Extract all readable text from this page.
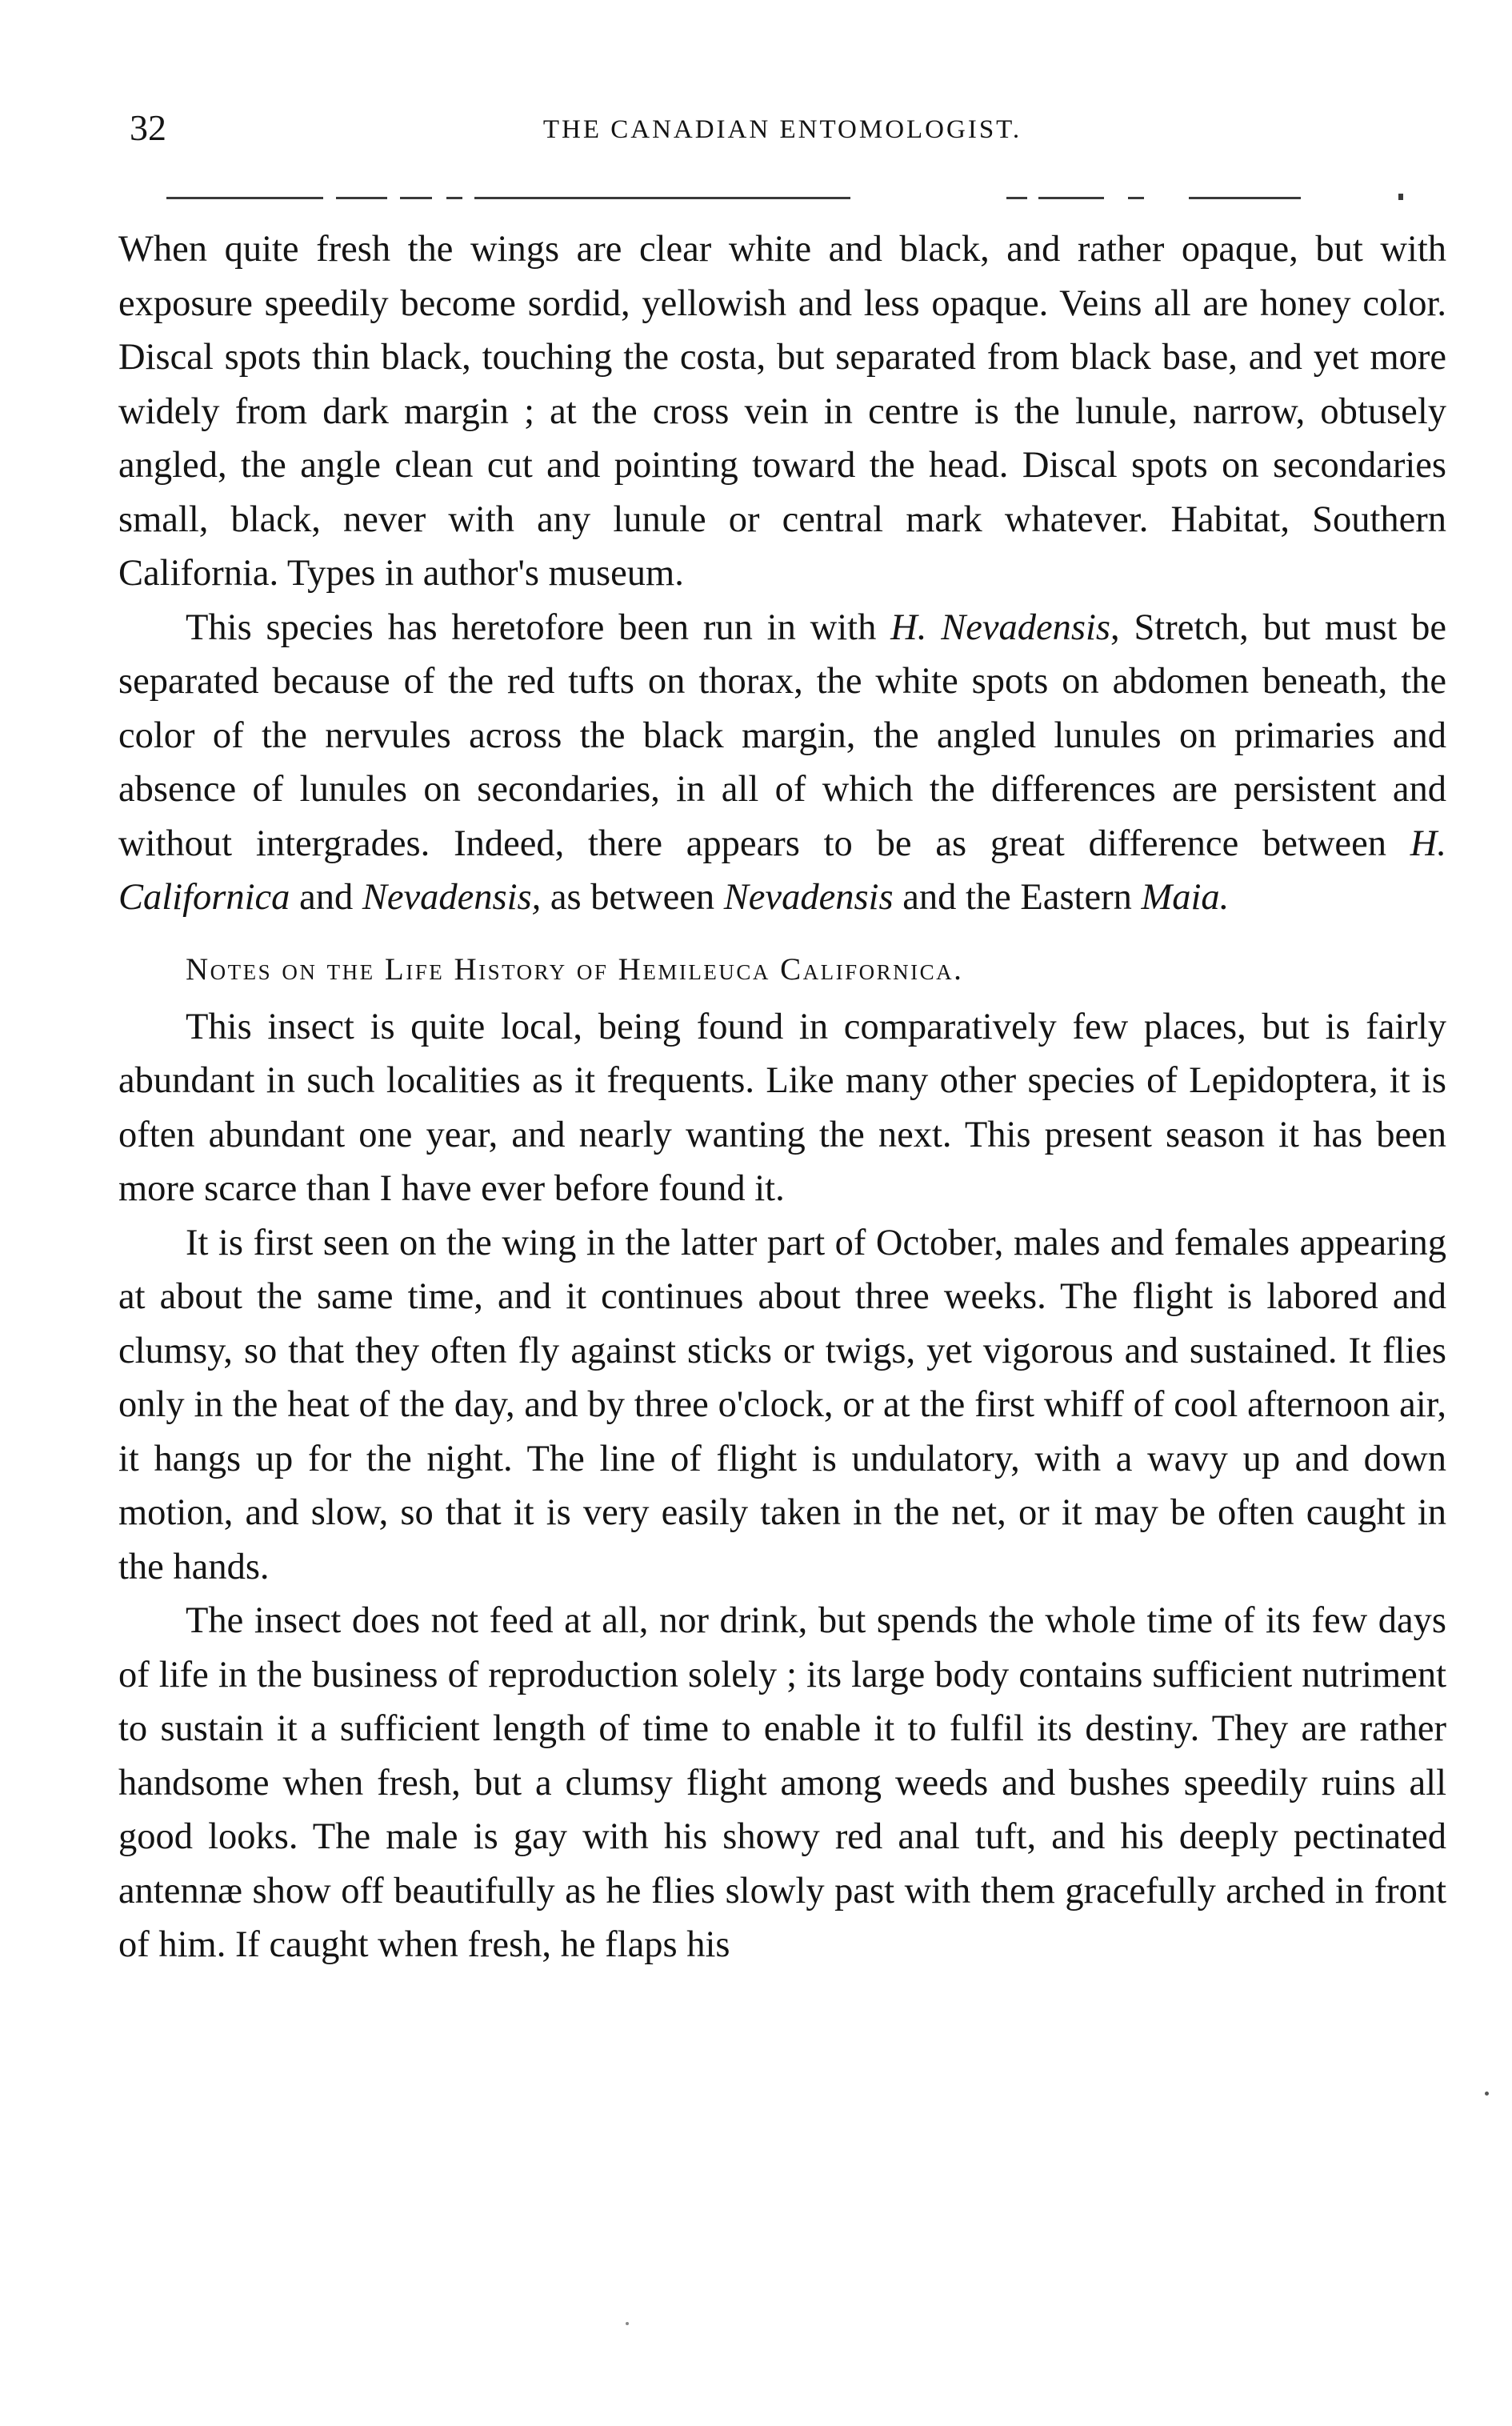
32	THE CANADIAN ENTOMOLOGIST.

When quite fresh the wings are clear white and black, and rather opaque, but with exposure speedily become sordid, yellowish and less opaque. Veins all are honey color. Discal spots thin black, touching the costa, but separated from black base, and yet more widely from dark margin ; at the cross vein in centre is the lunule, narrow, obtusely angled, the angle clean cut and pointing toward the head. Discal spots on secondaries small, black, never with any lunule or central mark whatever. Habitat, Southern California. Types in author's museum.

This species has heretofore been run in with H. Nevadensis, Stretch, but must be separated because of the red tufts on thorax, the white spots on abdomen beneath, the color of the nervules across the black margin, the angled lunules on primaries and absence of lunules on secondaries, in all of which the differences are persistent and without intergrades. Indeed, there appears to be as great difference between H. Californica and Nevadensis, as between Nevadensis and the Eastern Maia.

Notes on the Life History of Hemileuca Californica.

This insect is quite local, being found in comparatively few places, but is fairly abundant in such localities as it frequents. Like many other species of Lepidoptera, it is often abundant one year, and nearly wanting the next. This present season it has been more scarce than I have ever before found it.

It is first seen on the wing in the latter part of October, males and females appearing at about the same time, and it continues about three weeks. The flight is labored and clumsy, so that they often fly against sticks or twigs, yet vigorous and sustained. It flies only in the heat of the day, and by three o'clock, or at the first whiff of cool afternoon air, it hangs up for the night. The line of flight is undulatory, with a wavy up and down motion, and slow, so that it is very easily taken in the net, or it may be often caught in the hands.

The insect does not feed at all, nor drink, but spends the whole time of its few days of life in the business of reproduction solely ; its large body contains sufficient nutriment to sustain it a sufficient length of time to enable it to fulfil its destiny. They are rather handsome when fresh, but a clumsy flight among weeds and bushes speedily ruins all good looks. The male is gay with his showy red anal tuft, and his deeply pectinated antennæ show off beautifully as he flies slowly past with them gracefully arched in front of him. If caught when fresh, he flaps his
